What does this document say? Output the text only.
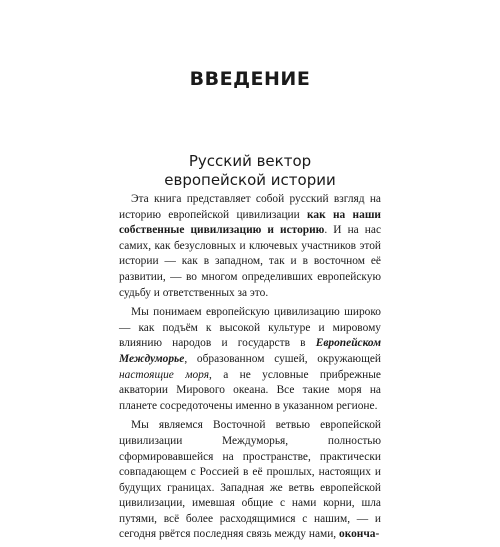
ВВЕДЕНИЕ
Русский вектор
европейской истории

Эта книга представляет собой русский взгляд на историю европейской цивилизации как на наши собственные цивилизацию и историю. И на нас самих, как безусловных и ключевых участников этой истории — как в западном, так и в восточном её развитии, — во многом определивших европейскую судьбу и ответственных за это.

Мы понимаем европейскую цивилизацию широко — как подъём к высокой культуре и мировому влиянию народов и государств в Европейском Междуморье, образованном сушей, окружающей настоящие моря, а не условные прибрежные акватории Мирового океана. Все такие моря на планете сосредоточены именно в указанном регионе.

Мы являемся Восточной ветвью европейской цивилизации Междуморья, полностью сформировавшейся на пространстве, практически совпадающем с Россией в её прошлых, настоящих и будущих границах. Западная же ветвь европейской цивилизации, имевшая общие с нами корни, шла путями, всё более расходящимися с нашим, — и сегодня рвётся последняя связь между нами, оконча-
